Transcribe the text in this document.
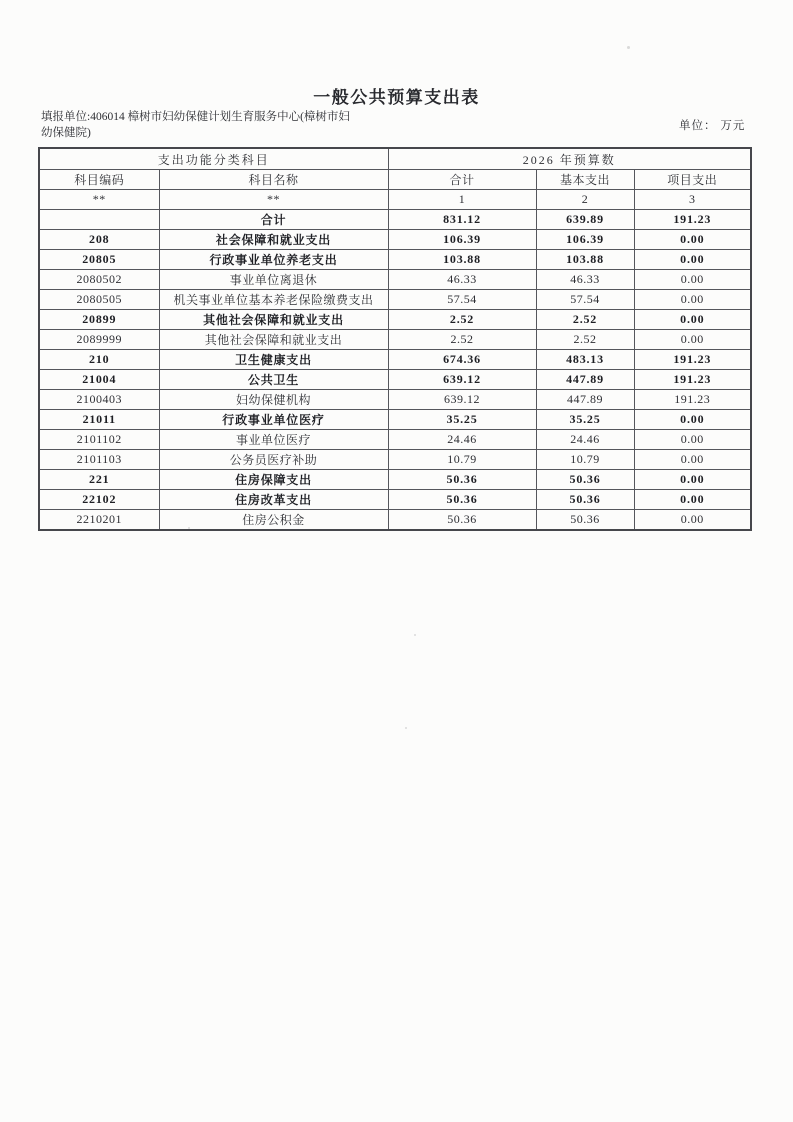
一般公共预算支出表
填报单位:406014 樟树市妇幼保健计划生育服务中心(樟树市妇
幼保健院)
单位： 万元
支出功能分类科目		2026 年预算数		
科目编码	科目名称	合计	基本支出	项目支出
**	**	1	2	3
	合计	831.12	639.89	191.23
208	社会保障和就业支出	106.39	106.39	0.00
20805	行政事业单位养老支出	103.88	103.88	0.00
2080502	事业单位离退休	46.33	46.33	0.00
2080505	机关事业单位基本养老保险缴费支出	57.54	57.54	0.00
20899	其他社会保障和就业支出	2.52	2.52	0.00
2089999	其他社会保障和就业支出	2.52	2.52	0.00
210	卫生健康支出	674.36	483.13	191.23
21004	公共卫生	639.12	447.89	191.23
2100403	妇幼保健机构	639.12	447.89	191.23
21011	行政事业单位医疗	35.25	35.25	0.00
2101102	事业单位医疗	24.46	24.46	0.00
2101103	公务员医疗补助	10.79	10.79	0.00
221	住房保障支出	50.36	50.36	0.00
22102	住房改革支出	50.36	50.36	0.00
2210201	住房公积金	50.36	50.36	0.00
